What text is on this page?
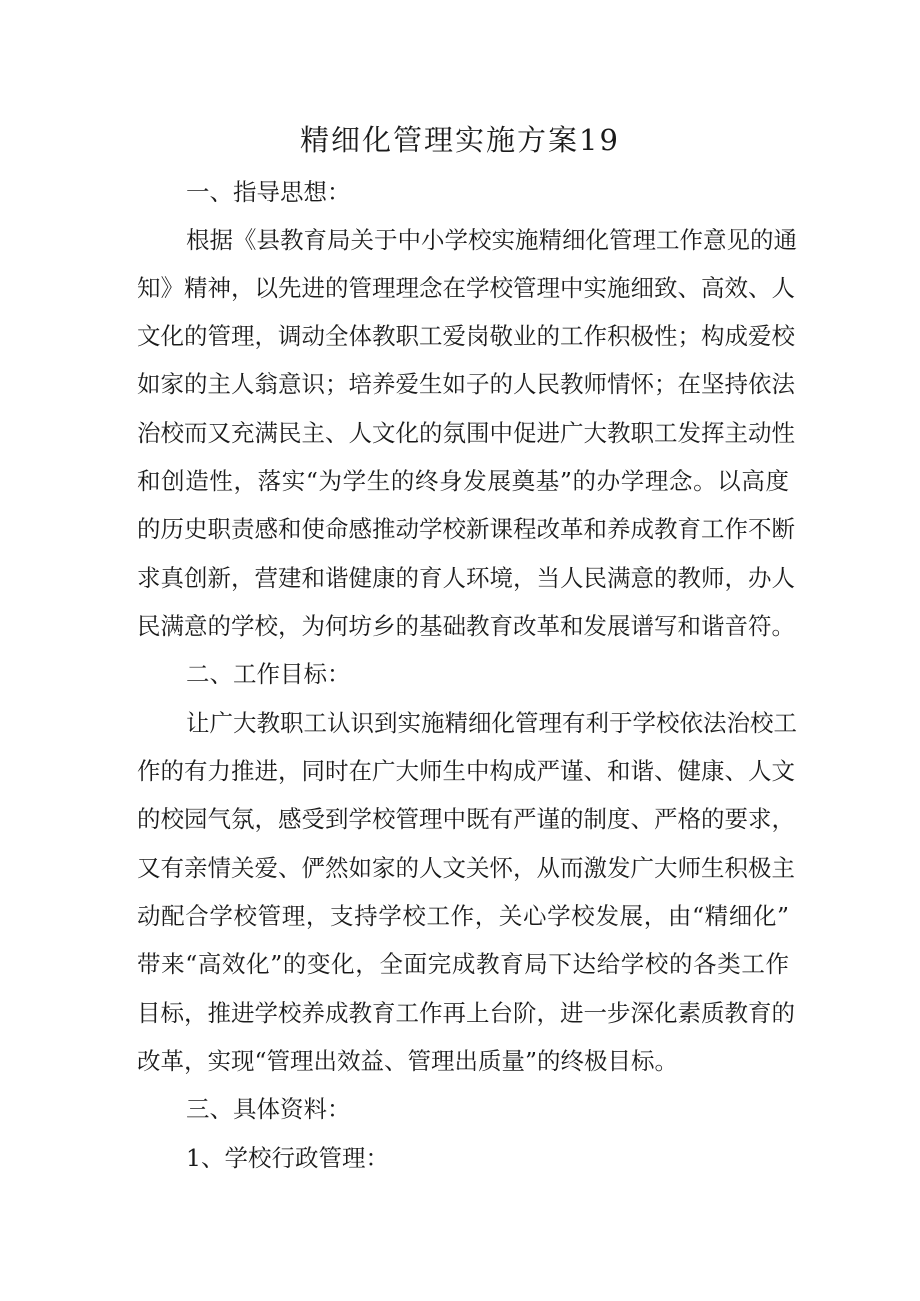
精细化管理实施方案19

一、指导思想：

根据《县教育局关于中小学校实施精细化管理工作意见的通

知》精神，以先进的管理理念在学校管理中实施细致、高效、人

文化的管理，调动全体教职工爱岗敬业的工作积极性；构成爱校

如家的主人翁意识；培养爱生如子的人民教师情怀；在坚持依法

治校而又充满民主、人文化的氛围中促进广大教职工发挥主动性

和创造性，落实“为学生的终身发展奠基”的办学理念。以高度

的历史职责感和使命感推动学校新课程改革和养成教育工作不断

求真创新，营建和谐健康的育人环境，当人民满意的教师，办人

民满意的学校，为何坊乡的基础教育改革和发展谱写和谐音符。

二、工作目标：

让广大教职工认识到实施精细化管理有利于学校依法治校工

作的有力推进，同时在广大师生中构成严谨、和谐、健康、人文

的校园气氛，感受到学校管理中既有严谨的制度、严格的要求，

又有亲情关爱、俨然如家的人文关怀，从而激发广大师生积极主

动配合学校管理，支持学校工作，关心学校发展，由“精细化”

带来“高效化”的变化，全面完成教育局下达给学校的各类工作

目标，推进学校养成教育工作再上台阶，进一步深化素质教育的

改革，实现“管理出效益、管理出质量”的终极目标。

三、具体资料：

1、学校行政管理：
